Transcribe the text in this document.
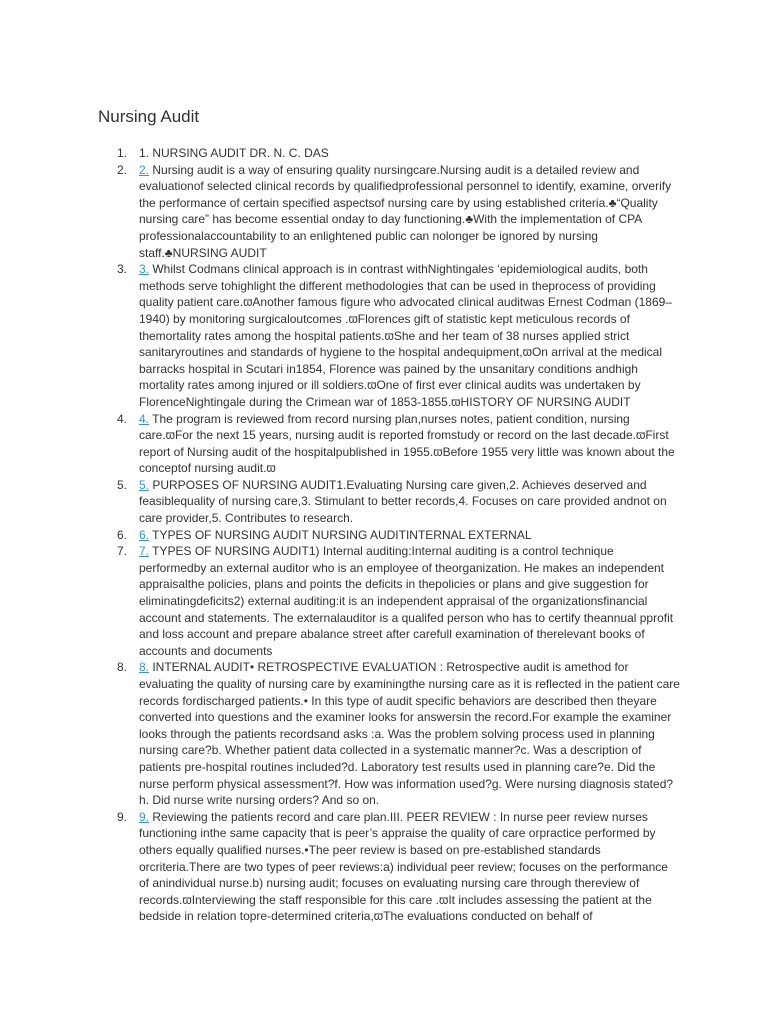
Nursing Audit
1. 1. NURSING AUDIT DR. N. C. DAS
2. 2. Nursing audit is a way of ensuring quality nursingcare.Nursing audit is a detailed review and evaluationof selected clinical records by qualifiedprofessional personnel to identify, examine, orverify the performance of certain specified aspectsof nursing care by using established criteria.♣“Quality nursing care” has become essential onday to day functioning.♣With the implementation of CPA professionalaccountability to an enlightened public can nolonger be ignored by nursing staff.♣NURSING AUDIT
3. 3. Whilst Codmans clinical approach is in contrast withNightingales ‘epidemiological audits, both methods serve tohighlight the different methodologies that can be used in theprocess of providing quality patient care.ϖAnother famous figure who advocated clinical auditwas Ernest Codman (1869–1940) by monitoring surgicaloutcomes .ϖFlorences gift of statistic kept meticulous records of themortality rates among the hospital patients.ϖShe and her team of 38 nurses applied strict sanitaryroutines and standards of hygiene to the hospital andequipment,ϖOn arrival at the medical barracks hospital in Scutari in1854, Florence was pained by the unsanitary conditions andhigh mortality rates among injured or ill soldiers.ϖOne of first ever clinical audits was undertaken by FlorenceNightingale during the Crimean war of 1853-1855.ϖHISTORY OF NURSING AUDIT
4. 4. The program is reviewed from record nursing plan,nurses notes, patient condition, nursing care.ϖFor the next 15 years, nursing audit is reported fromstudy or record on the last decade.ϖFirst report of Nursing audit of the hospitalpublished in 1955.ϖBefore 1955 very little was known about the conceptof nursing audit.ϖ
5. 5. PURPOSES OF NURSING AUDIT1.Evaluating Nursing care given,2. Achieves deserved and feasiblequality of nursing care,3. Stimulant to better records,4. Focuses on care provided andnot on care provider,5. Contributes to research.
6. 6. TYPES OF NURSING AUDIT NURSING AUDITINTERNAL EXTERNAL
7. 7. TYPES OF NURSING AUDIT1) Internal auditing:Internal auditing is a control technique performedby an external auditor who is an employee of theorganization. He makes an independent appraisalthe policies, plans and points the deficits in thepolicies or plans and give suggestion for eliminatingdeficits2) external auditing:it is an independent appraisal of the organizationsfinancial account and statements. The externalauditor is a qualifed person who has to certify theannual pprofit and loss account and prepare abalance street after carefull examination of therelevant books of accounts and documents
8. 8. INTERNAL AUDIT• RETROSPECTIVE EVALUATION : Retrospective audit is amethod for evaluating the quality of nursing care by examiningthe nursing care as it is reflected in the patient care records fordischarged patients.• In this type of audit specific behaviors are described then theyare converted into questions and the examiner looks for answersin the record.For example the examiner looks through the patients recordsand asks :a. Was the problem solving process used in planning nursing care?b. Whether patient data collected in a systematic manner?c. Was a description of patients pre-hospital routines included?d. Laboratory test results used in planning care?e. Did the nurse perform physical assessment?f. How was information used?g. Were nursing diagnosis stated?h. Did nurse write nursing orders? And so on.
9. 9. Reviewing the patients record and care plan.III. PEER REVIEW : In nurse peer review nurses functioning inthe same capacity that is peer’s appraise the quality of care orpractice performed by others equally qualified nurses.•The peer review is based on pre-established standards orcriteria.There are two types of peer reviews:a) individual peer review; focuses on the performance of anindividual nurse.b) nursing audit; focuses on evaluating nursing care through thereview of records.ϖInterviewing the staff responsible for this care .ϖIt includes assessing the patient at the bedside in relation topre-determined criteria,ϖThe evaluations conducted on behalf of
